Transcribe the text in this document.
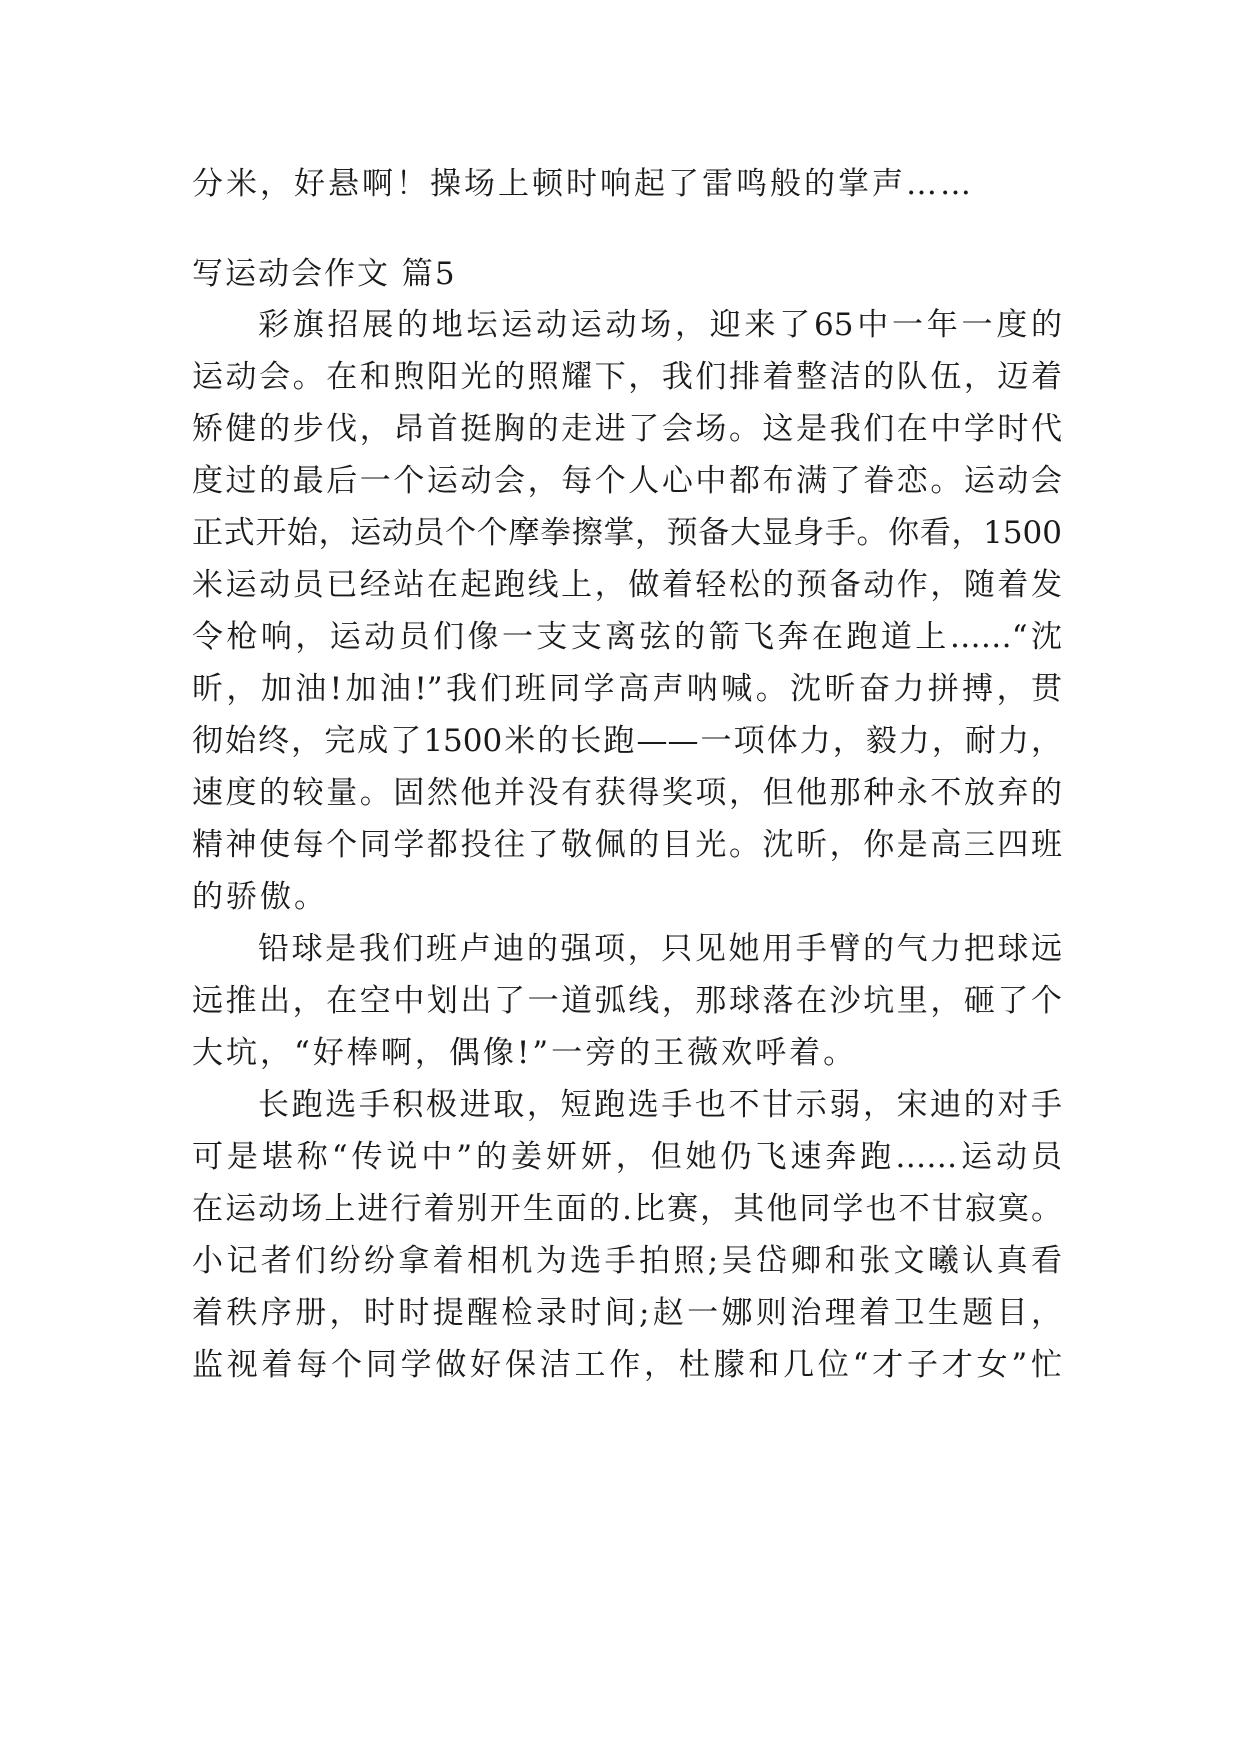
分米，好悬啊！操场上顿时响起了雷鸣般的掌声……
写运动会作文 篇5
彩旗招展的地坛运动运动场，迎来了65中一年一度的
运动会。在和煦阳光的照耀下，我们排着整洁的队伍，迈着
矫健的步伐，昂首挺胸的走进了会场。这是我们在中学时代
度过的最后一个运动会，每个人心中都布满了眷恋。运动会
正式开始，运动员个个摩拳擦掌，预备大显身手。你看，1500
米运动员已经站在起跑线上，做着轻松的预备动作，随着发
令枪响，运动员们像一支支离弦的箭飞奔在跑道上……“沈
昕，加油!加油!”我们班同学高声呐喊。沈昕奋力拼搏，贯
彻始终，完成了1500米的长跑——一项体力，毅力，耐力，
速度的较量。固然他并没有获得奖项，但他那种永不放弃的
精神使每个同学都投往了敬佩的目光。沈昕，你是高三四班
的骄傲。
铅球是我们班卢迪的强项，只见她用手臂的气力把球远
远推出，在空中划出了一道弧线，那球落在沙坑里，砸了个
大坑，“好棒啊，偶像!”一旁的王薇欢呼着。
长跑选手积极进取，短跑选手也不甘示弱，宋迪的对手
可是堪称“传说中”的姜妍妍，但她仍飞速奔跑……运动员
在运动场上进行着别开生面的.比赛，其他同学也不甘寂寞。
小记者们纷纷拿着相机为选手拍照;吴岱卿和张文曦认真看
着秩序册，时时提醒检录时间;赵一娜则治理着卫生题目，
监视着每个同学做好保洁工作，杜朦和几位“才子才女”忙
